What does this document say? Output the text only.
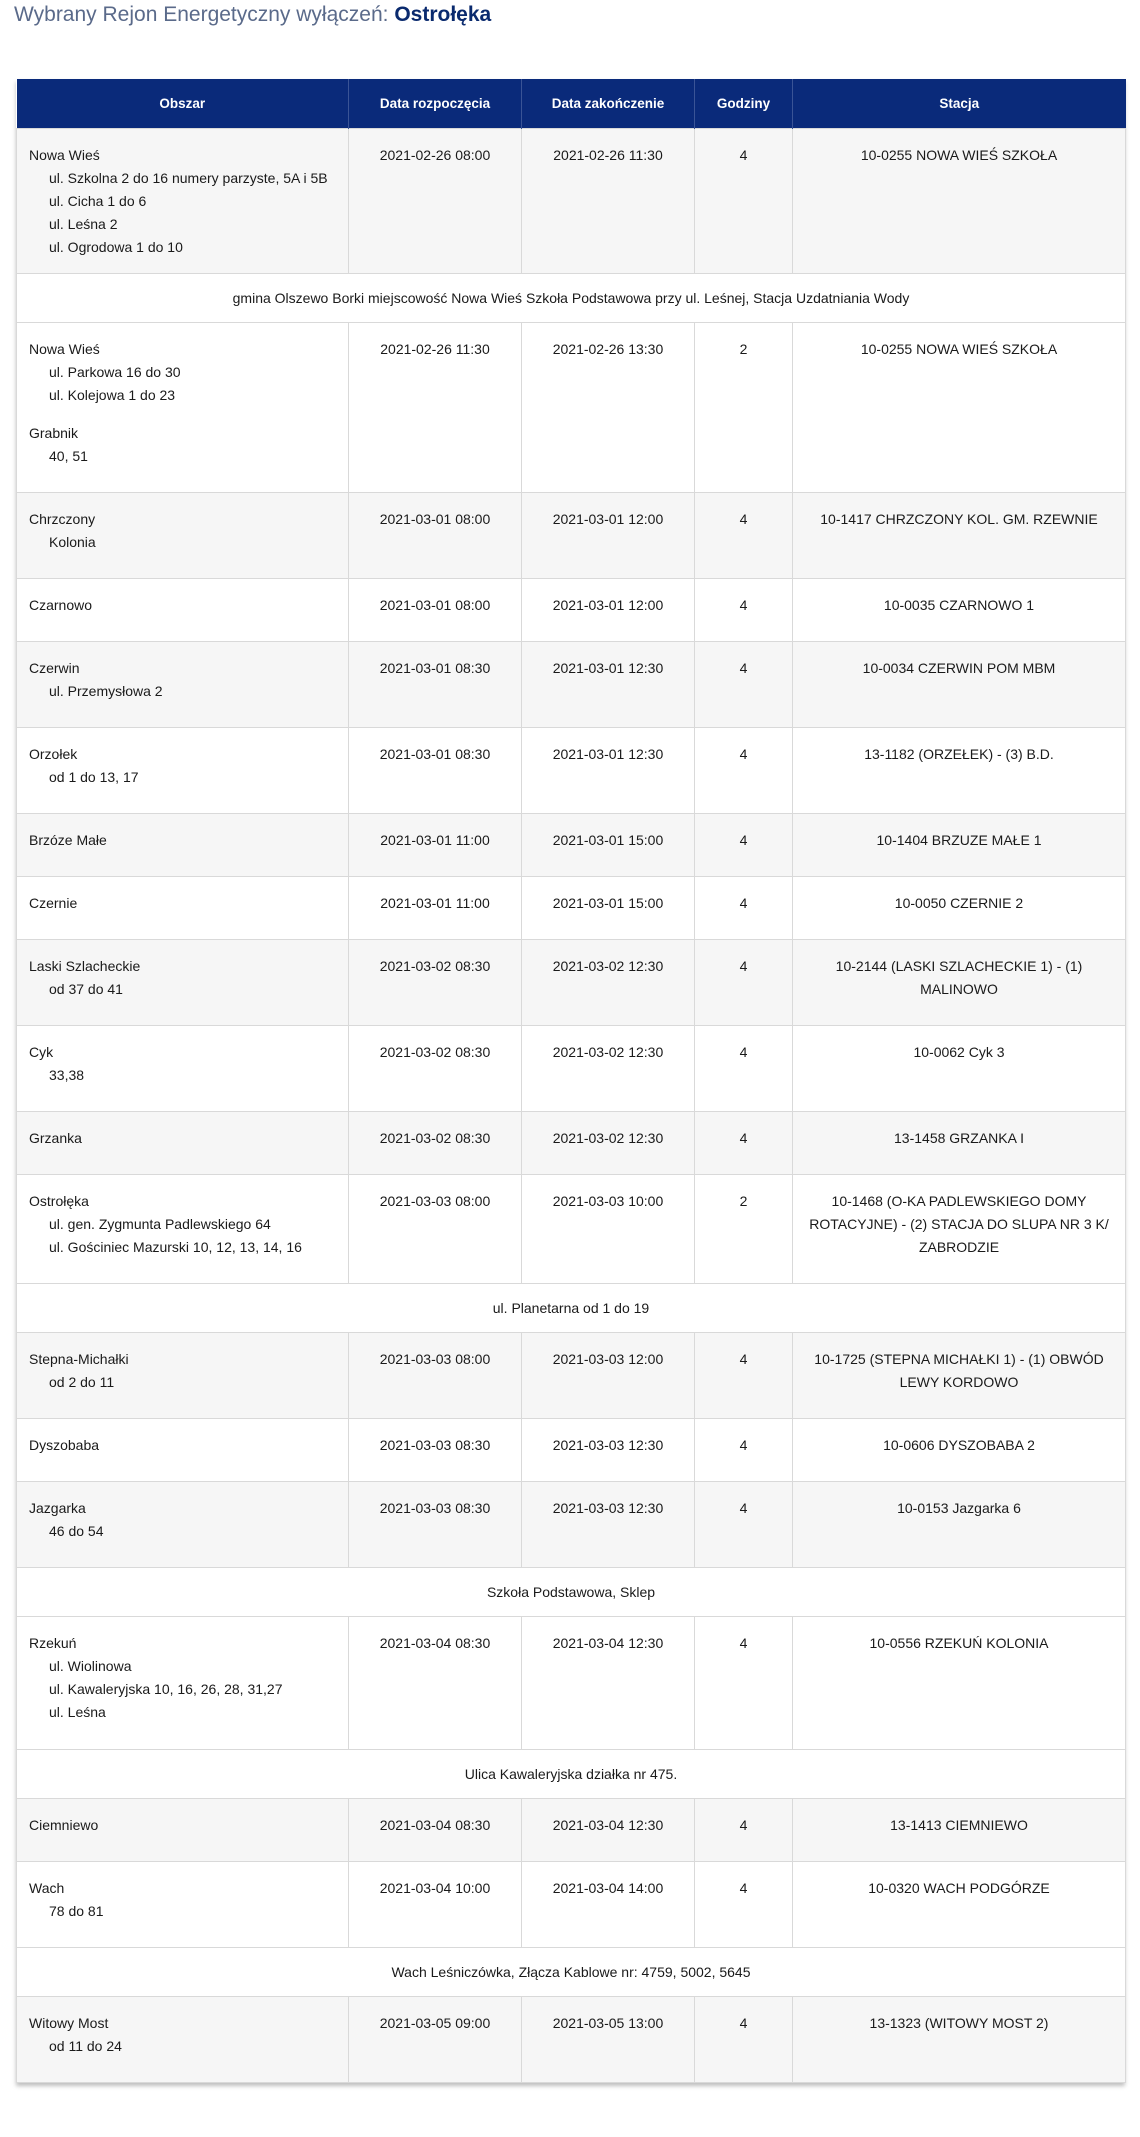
Wybrany Rejon Energetyczny wyłączeń: Ostrołęka
Obszar	Data rozpoczęcia	Data zakończenie	Godziny	Stacja

Nowa Wieś
ul. Szkolna 2 do 16 numery parzyste, 5A i 5B
ul. Cicha 1 do 6
ul. Leśna 2
ul. Ogrodowa 1 do 10	2021-02-26 08:00	2021-02-26 11:30	4	10-0255 NOWA WIEŚ SZKOŁA
gmina Olszewo Borki miejscowość Nowa Wieś Szkoła Podstawowa przy ul. Leśnej, Stacja Uzdatniania Wody				

Nowa Wieś
ul. Parkowa 16 do 30
ul. Kolejowa 1 do 23
Grabnik
40, 51	2021-02-26 11:30	2021-02-26 13:30	2	10-0255 NOWA WIEŚ SZKOŁA

Chrzczony
Kolonia	2021-03-01 08:00	2021-03-01 12:00	4	10-1417 CHRZCZONY KOL. GM. RZEWNIE

Czarnowo	2021-03-01 08:00	2021-03-01 12:00	4	10-0035 CZARNOWO 1

Czerwin
ul. Przemysłowa 2	2021-03-01 08:30	2021-03-01 12:30	4	10-0034 CZERWIN POM MBM

Orzołek
od 1 do 13, 17	2021-03-01 08:30	2021-03-01 12:30	4	13-1182 (ORZEŁEK) - (3) B.D.

Brzóze Małe	2021-03-01 11:00	2021-03-01 15:00	4	10-1404 BRZUZE MAŁE 1

Czernie	2021-03-01 11:00	2021-03-01 15:00	4	10-0050 CZERNIE 2

Laski Szlacheckie
od 37 do 41	2021-03-02 08:30	2021-03-02 12:30	4	10-2144 (LASKI SZLACHECKIE 1) - (1) MALINOWO

Cyk
33,38	2021-03-02 08:30	2021-03-02 12:30	4	10-0062 Cyk 3

Grzanka	2021-03-02 08:30	2021-03-02 12:30	4	13-1458 GRZANKA I

Ostrołęka
ul. gen. Zygmunta Padlewskiego 64
ul. Gościniec Mazurski 10, 12, 13, 14, 16	2021-03-03 08:00	2021-03-03 10:00	2	10-1468 (O-KA PADLEWSKIEGO DOMY ROTACYJNE) - (2) STACJA DO SLUPA NR 3 K/ ZABRODZIE
ul. Planetarna od 1 do 19				

Stepna-Michałki
od 2 do 11	2021-03-03 08:00	2021-03-03 12:00	4	10-1725 (STEPNA MICHAŁKI 1) - (1) OBWÓD LEWY KORDOWO

Dyszobaba	2021-03-03 08:30	2021-03-03 12:30	4	10-0606 DYSZOBABA 2

Jazgarka
46 do 54	2021-03-03 08:30	2021-03-03 12:30	4	10-0153 Jazgarka 6
Szkoła Podstawowa, Sklep				

Rzekuń
ul. Wiolinowa
ul. Kawaleryjska 10, 16, 26, 28, 31,27
ul. Leśna	2021-03-04 08:30	2021-03-04 12:30	4	10-0556 RZEKUŃ KOLONIA
Ulica Kawaleryjska działka nr 475.				

Ciemniewo	2021-03-04 08:30	2021-03-04 12:30	4	13-1413 CIEMNIEWO

Wach
78 do 81	2021-03-04 10:00	2021-03-04 14:00	4	10-0320 WACH PODGÓRZE
Wach Leśniczówka, Złącza Kablowe nr: 4759, 5002, 5645				

Witowy Most
od 11 do 24	2021-03-05 09:00	2021-03-05 13:00	4	13-1323 (WITOWY MOST 2)
